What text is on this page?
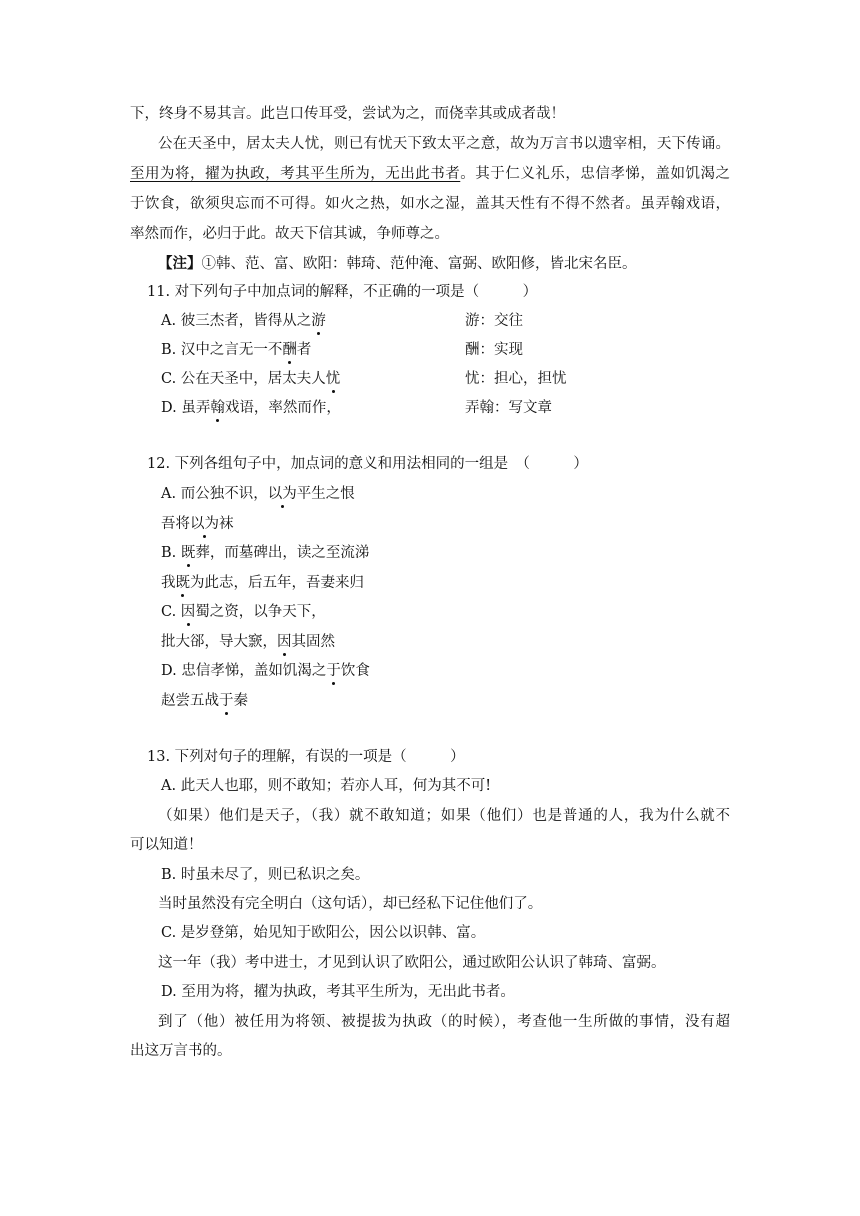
下，终身不易其言。此岂口传耳受，尝试为之，而侥幸其或成者哉！
公在天圣中，居太夫人忧，则已有忧天下致太平之意，故为万言书以遗宰相，天下传诵。
至用为将，擢为执政，考其平生所为，无出此书者。其于仁义礼乐，忠信孝悌，盖如饥渴之
于饮食，欲须臾忘而不可得。如火之热，如水之湿，盖其天性有不得不然者。虽弄翰戏语，
率然而作，必归于此。故天下信其诚，争师尊之。
【注】①韩、范、富、欧阳：韩琦、范仲淹、富弼、欧阳修，皆北宋名臣。
11. 对下列句子中加点词的解释，不正确的一项是（　　　）
A. 彼三杰者，皆得从之游	游：交往
B. 汉中之言无一不酬者	酬：实现
C. 公在天圣中，居太夫人忧	忧：担心，担忧
D. 虽弄翰戏语，率然而作，	弄翰：写文章
12. 下列各组句子中，加点词的意义和用法相同的一组是　（　　　）
A. 而公独不识，以为平生之恨
吾将以为袜
B. 既葬，而墓碑出，读之至流涕
我既为此志，后五年，吾妻来归
C. 因蜀之资，以争天下，
批大郤，导大窾，因其固然
D. 忠信孝悌，盖如饥渴之于饮食
赵尝五战于秦
13. 下列对句子的理解，有误的一项是（　　　）
A. 此天人也耶，则不敢知；若亦人耳，何为其不可!
（如果）他们是天子，（我）就不敢知道；如果（他们）也是普通的人，我为什么就不
可以知道！
B. 时虽未尽了，则已私识之矣。
当时虽然没有完全明白（这句话），却已经私下记住他们了。
C. 是岁登第，始见知于欧阳公，因公以识韩、富。
这一年（我）考中进士，才见到认识了欧阳公，通过欧阳公认识了韩琦、富弼。
D. 至用为将，擢为执政，考其平生所为，无出此书者。
到了（他）被任用为将领、被提拔为执政（的时候），考查他一生所做的事情，没有超
出这万言书的。
